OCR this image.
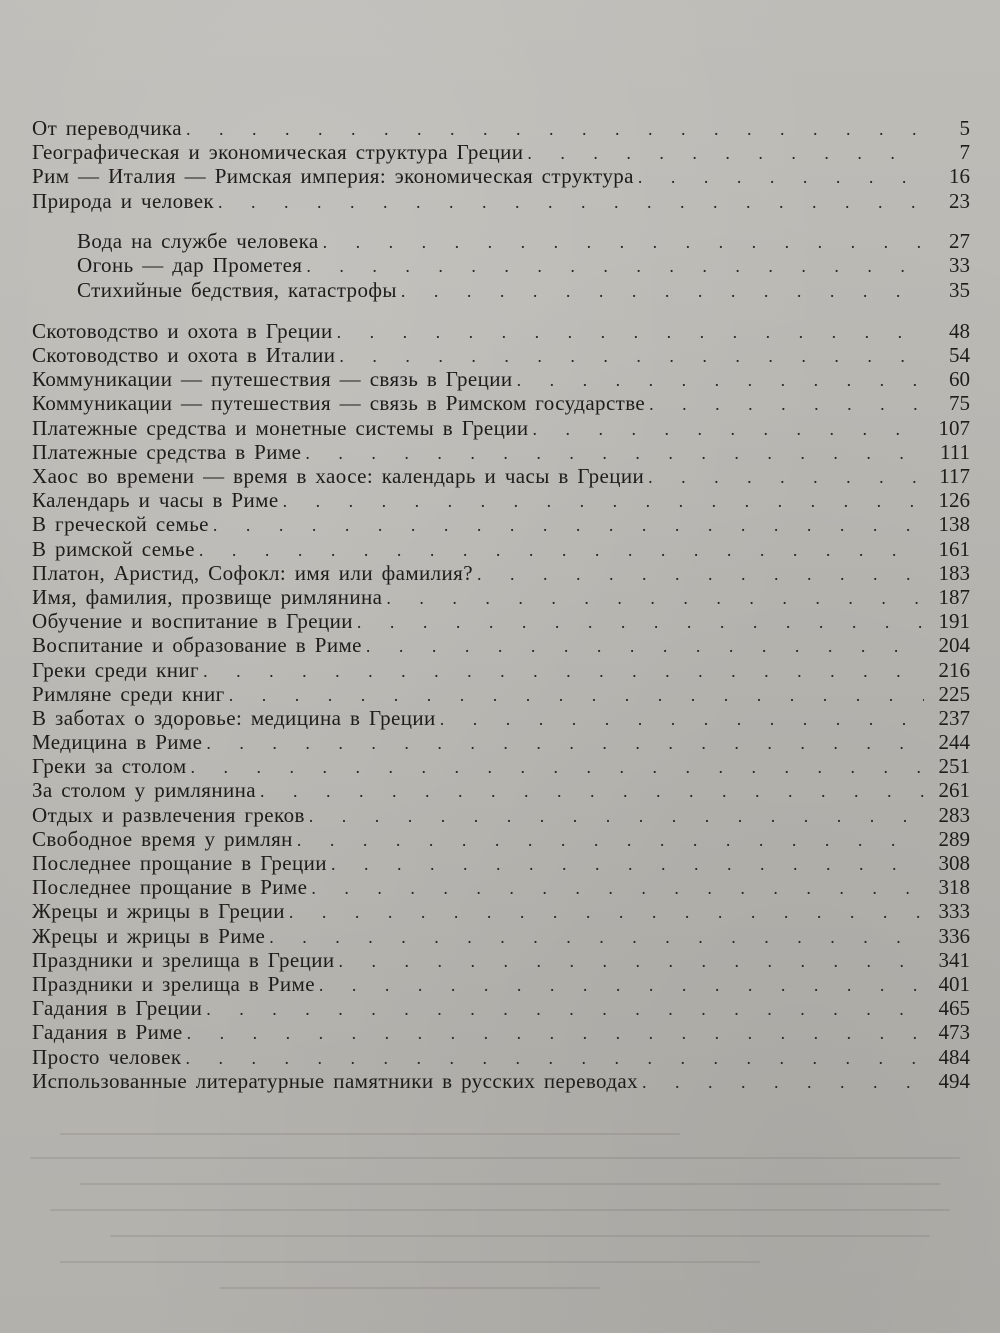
От переводчика . . .	5
Географическая и экономическая структура Греции . . .	7
Рим — Италия — Римская империя: экономическая структура . . .	16
Природа и человек . . .	23
Вода на службе человека . . .	27
Огонь — дар Прометея . . .	33
Стихийные бедствия, катастрофы . . .	35
Скотоводство и охота в Греции . . .	48
Скотоводство и охота в Италии . . .	54
Коммуникации — путешествия — связь в Греции . . .	60
Коммуникации — путешествия — связь в Римском государстве . . .	75
Платежные средства и монетные системы в Греции . . .	107
Платежные средства в Риме . . .	111
Хаос во времени — время в хаосе: календарь и часы в Греции . . .	117
Календарь и часы в Риме . . .	126
В греческой семье . . .	138
В римской семье . . .	161
Платон, Аристид, Софокл: имя или фамилия? . . .	183
Имя, фамилия, прозвище римлянина . . .	187
Обучение и воспитание в Греции . . .	191
Воспитание и образование в Риме . . .	204
Греки среди книг . . .	216
Римляне среди книг . . .	225
В заботах о здоровье: медицина в Греции . . .	237
Медицина в Риме . . .	244
Греки за столом . . .	251
За столом у римлянина . . .	261
Отдых и развлечения греков . . .	283
Свободное время у римлян . . .	289
Последнее прощание в Греции . . .	308
Последнее прощание в Риме . . .	318
Жрецы и жрицы в Греции . . .	333
Жрецы и жрицы в Риме . . .	336
Праздники и зрелища в Греции . . .	341
Праздники и зрелища в Риме . . .	401
Гадания в Греции . . .	465
Гадания в Риме . . .	473
Просто человек . . .	484
Использованные литературные памятники в русских переводах . . .	494
